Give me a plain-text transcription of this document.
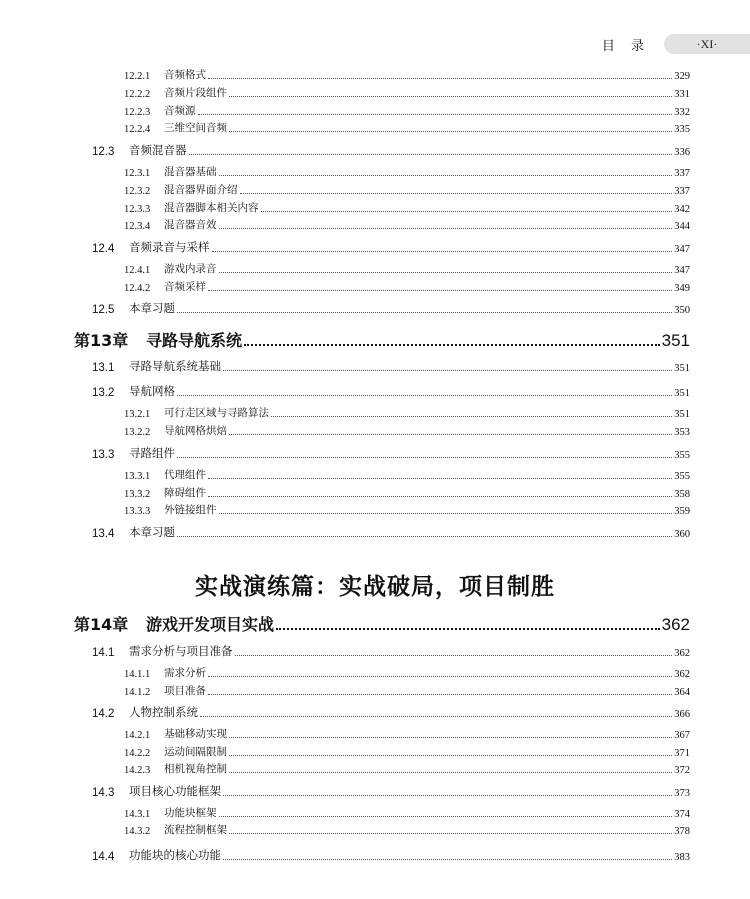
目 录	·XI·
12.2.1	音频格式	329
12.2.2	音频片段组件	331
12.2.3	音频源	332
12.2.4	三维空间音频	335
12.3	音频混音器	336
12.3.1	混音器基础	337
12.3.2	混音器界面介绍	337
12.3.3	混音器脚本相关内容	342
12.3.4	混音器音效	344
12.4	音频录音与采样	347
12.4.1	游戏内录音	347
12.4.2	音频采样	349
12.5	本章习题	350
第13章	寻路导航系统	351
13.1	寻路导航系统基础	351
13.2	导航网格	351
13.2.1	可行走区域与寻路算法	351
13.2.2	导航网格烘焙	353
13.3	寻路组件	355
13.3.1	代理组件	355
13.3.2	障碍组件	358
13.3.3	外链接组件	359
13.4	本章习题	360
第14章	游戏开发项目实战	362
14.1	需求分析与项目准备	362
14.1.1	需求分析	362
14.1.2	项目准备	364
14.2	人物控制系统	366
14.2.1	基础移动实现	367
14.2.2	运动间隔限制	371
14.2.3	相机视角控制	372
14.3	项目核心功能框架	373
14.3.1	功能块框架	374
14.3.2	流程控制框架	378
14.4	功能块的核心功能	383
实战演练篇：实战破局，项目制胜
